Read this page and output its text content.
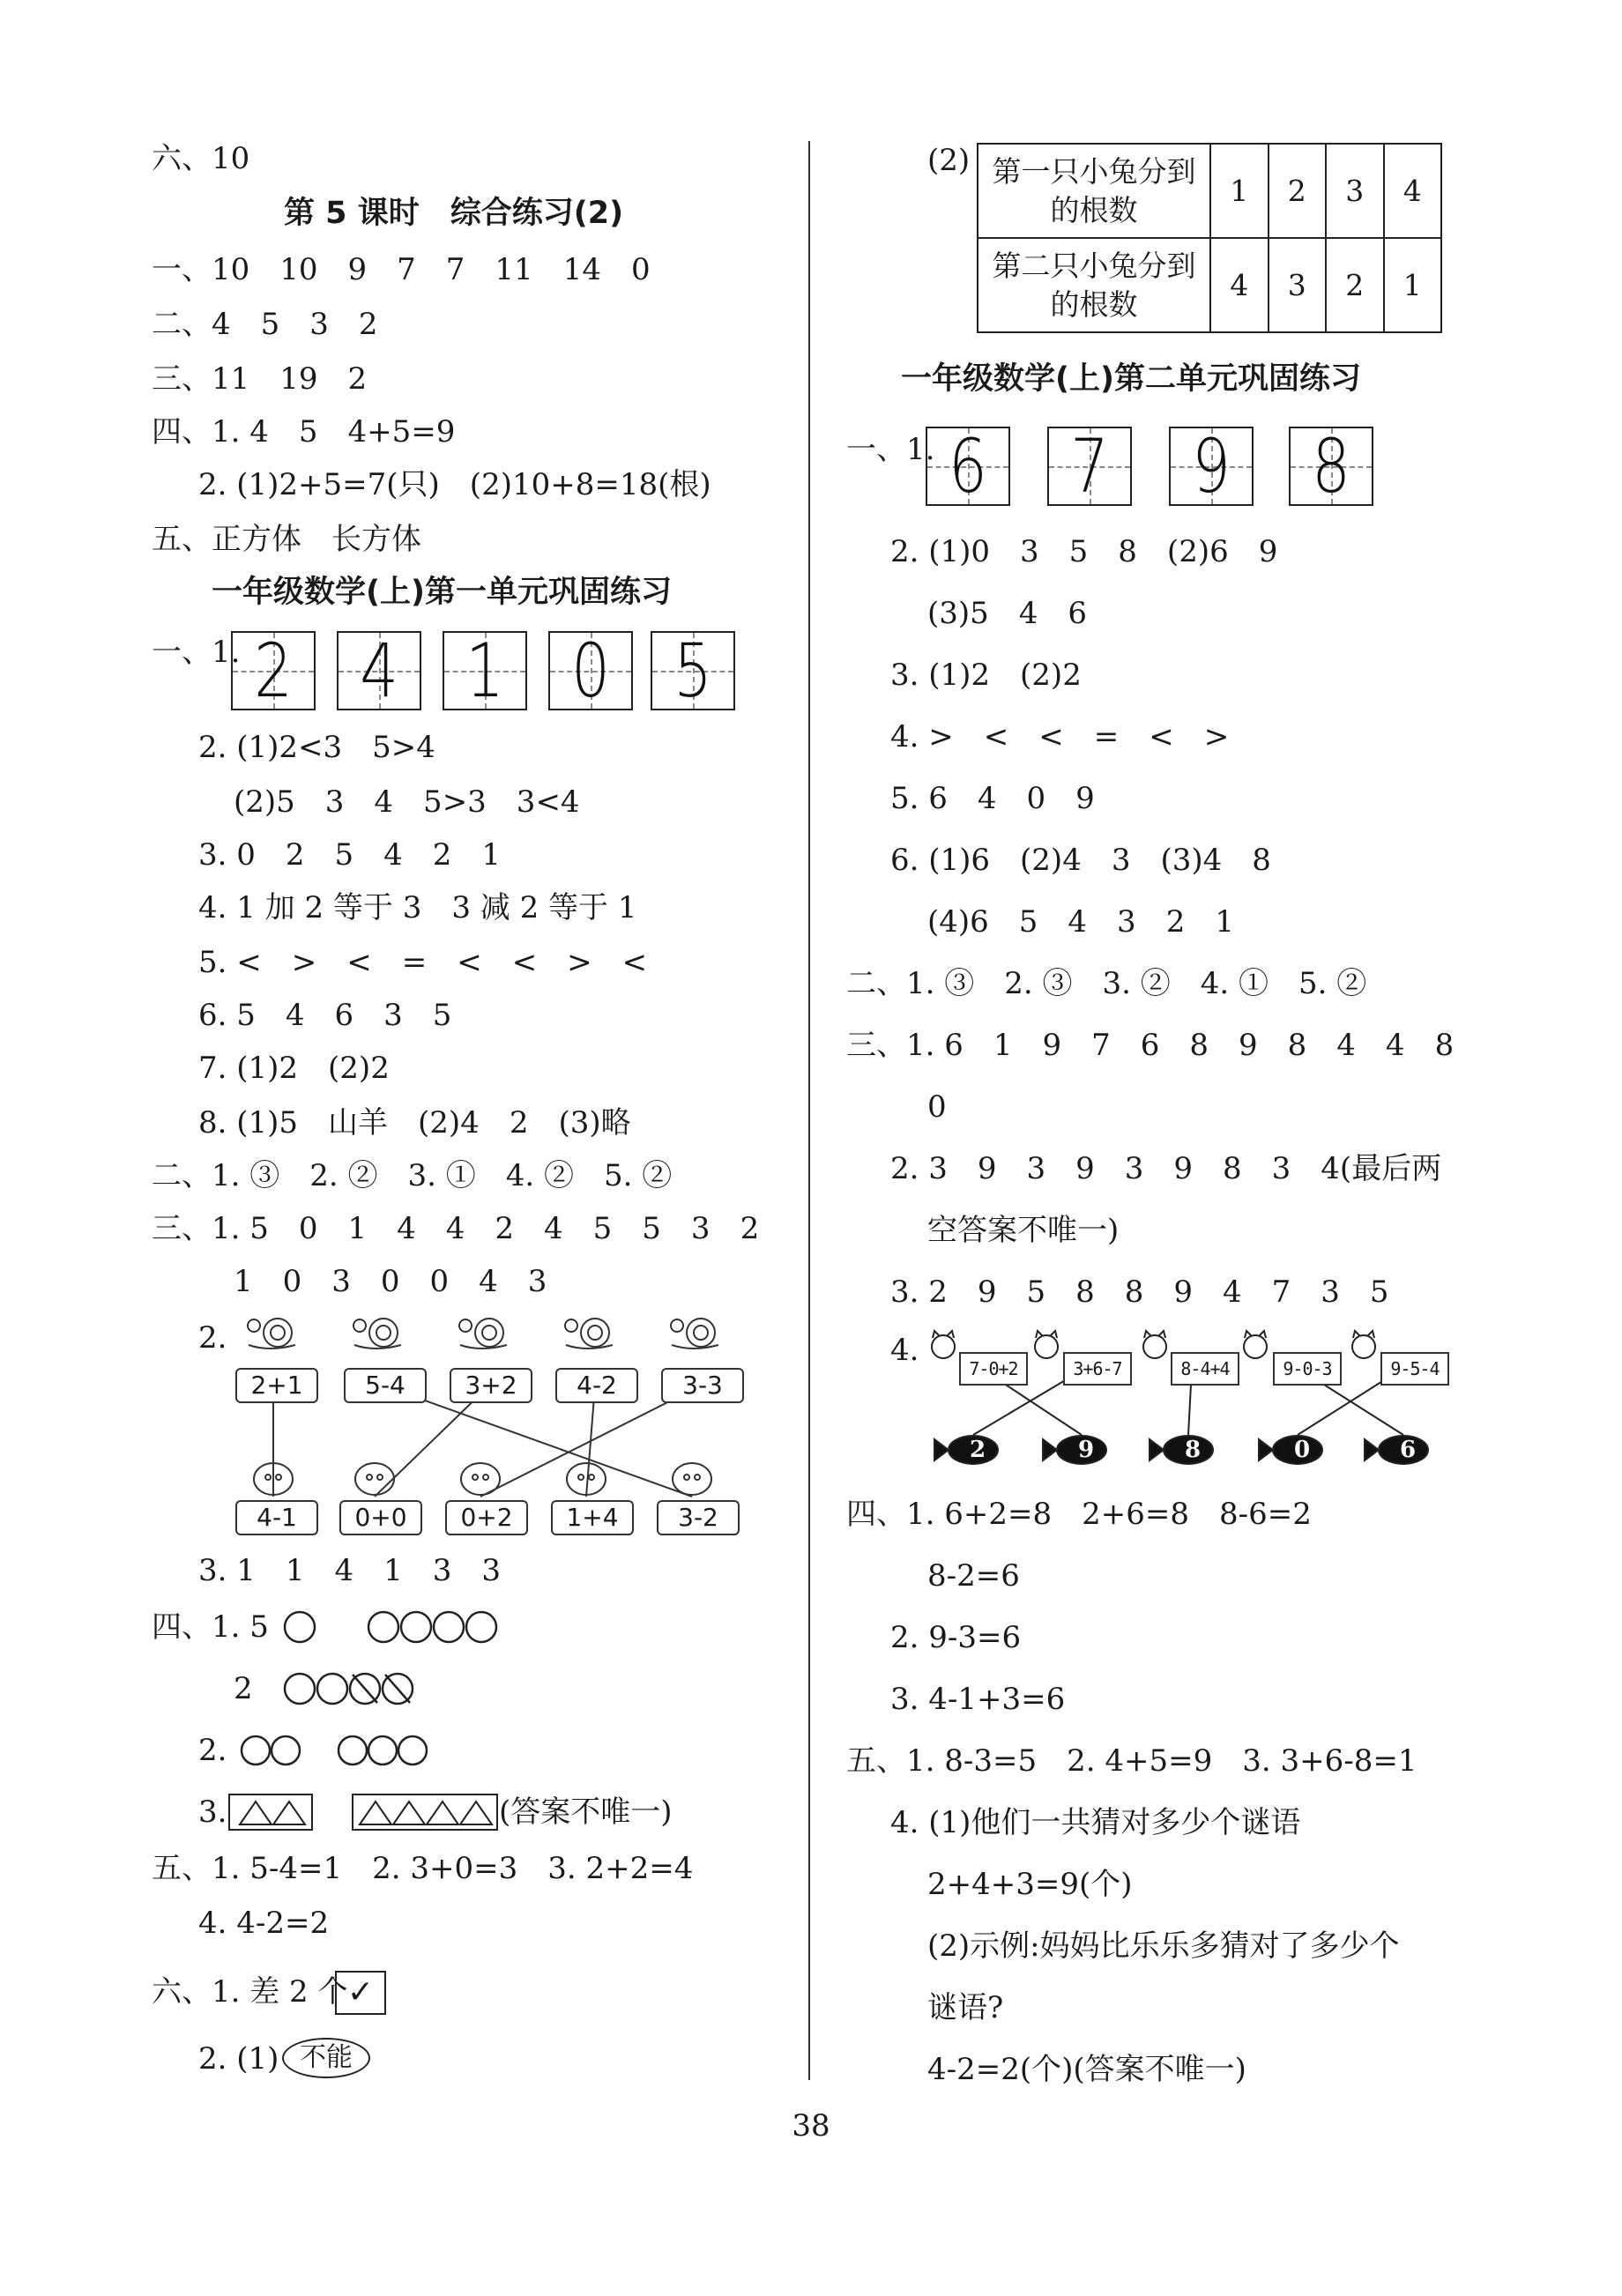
六、10
第 5 课时　综合练习(2)
一、10　10　9　7　7　11　14　0
二、4　5　3　2
三、11　19　2
四、1. 4　5　4+5=9
2. (1)2+5=7(只)　(2)10+8=18(根)
五、正方体　长方体
一年级数学(上)第一单元巩固练习
一、1. 2 4 1 0 5
2. (1)2<3　5>4
(2)5　3　4　5>3　3<4
3. 0　2　5　4　2　1
4. 1 加 2 等于 3　3 减 2 等于 1
5. <　>　<　=　<　<　>　<
6. 5　4　6　3　5
7. (1)2　(2)2
8. (1)5　山羊　(2)4　2　(3)略
二、1. ③　2. ②　3. ①　4. ②　5. ②
三、1. 5　0　1　4　4　2　4　5　5　3　2
1　0　3　0　0　4　3
2.
2+1	5-4	3+2	4-2	3-3
4-1	0+0	0+2	1+4	3-2
3. 1　1　4　1　3　3
四、1. 5
2
2.
3.	(答案不唯一)
五、1. 5-4=1　2. 3+0=3　3. 2+2=4
4. 4-2=2
六、1. 差 2 个 ✓
2. (1) 不能
(2) 第一只小兔分到的根数	1	2	3	4
第二只小兔分到的根数	4	3	2	1
一年级数学(上)第二单元巩固练习
一、1. 6 7 9 8
2. (1)0　3　5　8　(2)6　9
(3)5　4　6
3. (1)2　(2)2
4. >　<　<　=　<　>
5. 6　4　0　9
6. (1)6　(2)4　3　(3)4　8
(4)6　5　4　3　2　1
二、1. ③　2. ③　3. ②　4. ①　5. ②
三、1. 6　1　9　7　6　8　9　8　4　4　8
0
2. 3　9　3　9　3　9　8　3　4(最后两
空答案不唯一)
3. 2　9　5　8　8　9　4　7　3　5
4.
7-0+2	3+6-7	8-4+4	9-0-3	9-5-4
2	9	8	0	6
四、1. 6+2=8　2+6=8　8-6=2
8-2=6
2. 9-3=6
3. 4-1+3=6
五、1. 8-3=5　2. 4+5=9　3. 3+6-8=1
4. (1)他们一共猜对多少个谜语
2+4+3=9(个)
(2)示例:妈妈比乐乐多猜对了多少个
谜语?
4-2=2(个)(答案不唯一)
38
